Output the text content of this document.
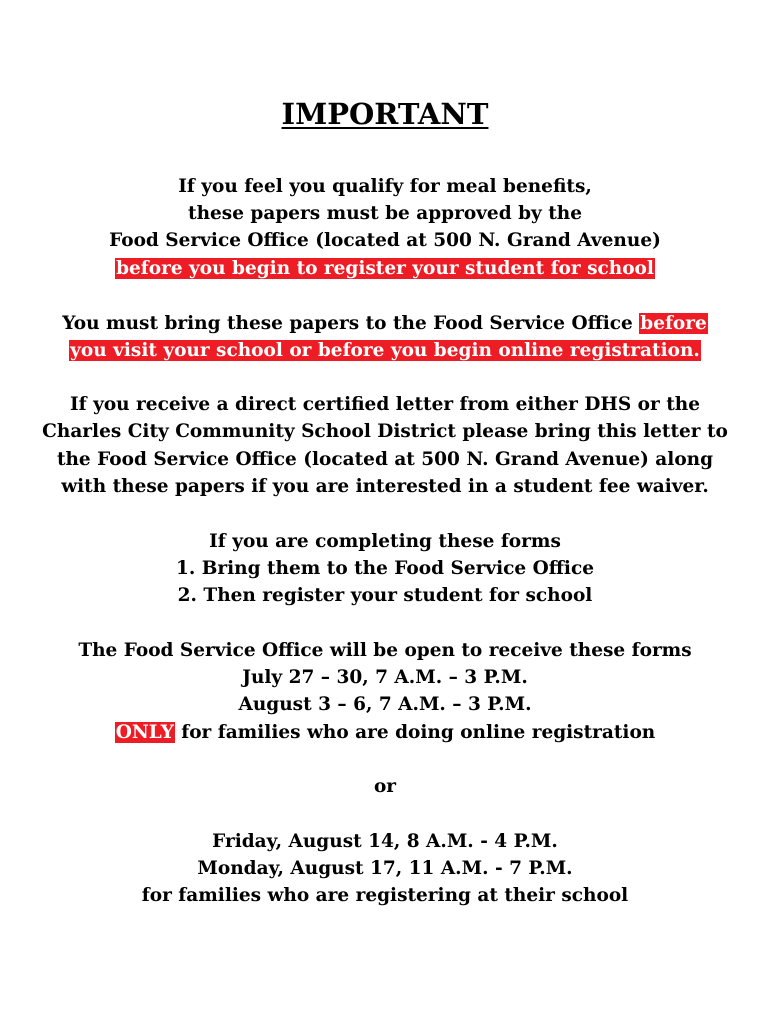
IMPORTANT
If you feel you qualify for meal benefits,
these papers must be approved by the
Food Service Office (located at 500 N. Grand Avenue)
before you begin to register your student for school
You must bring these papers to the Food Service Office before
you visit your school or before you begin online registration.
If you receive a direct certified letter from either DHS or the
Charles City Community School District please bring this letter to
the Food Service Office (located at 500 N. Grand Avenue) along
with these papers if you are interested in a student fee waiver.
If you are completing these forms
1. Bring them to the Food Service Office
2. Then register your student for school
The Food Service Office will be open to receive these forms
July 27 – 30, 7 A.M. – 3 P.M.
August 3 – 6, 7 A.M. – 3 P.M.
ONLY for families who are doing online registration
or
Friday, August 14, 8 A.M. - 4 P.M.
Monday, August 17, 11 A.M. - 7 P.M.
for families who are registering at their school
